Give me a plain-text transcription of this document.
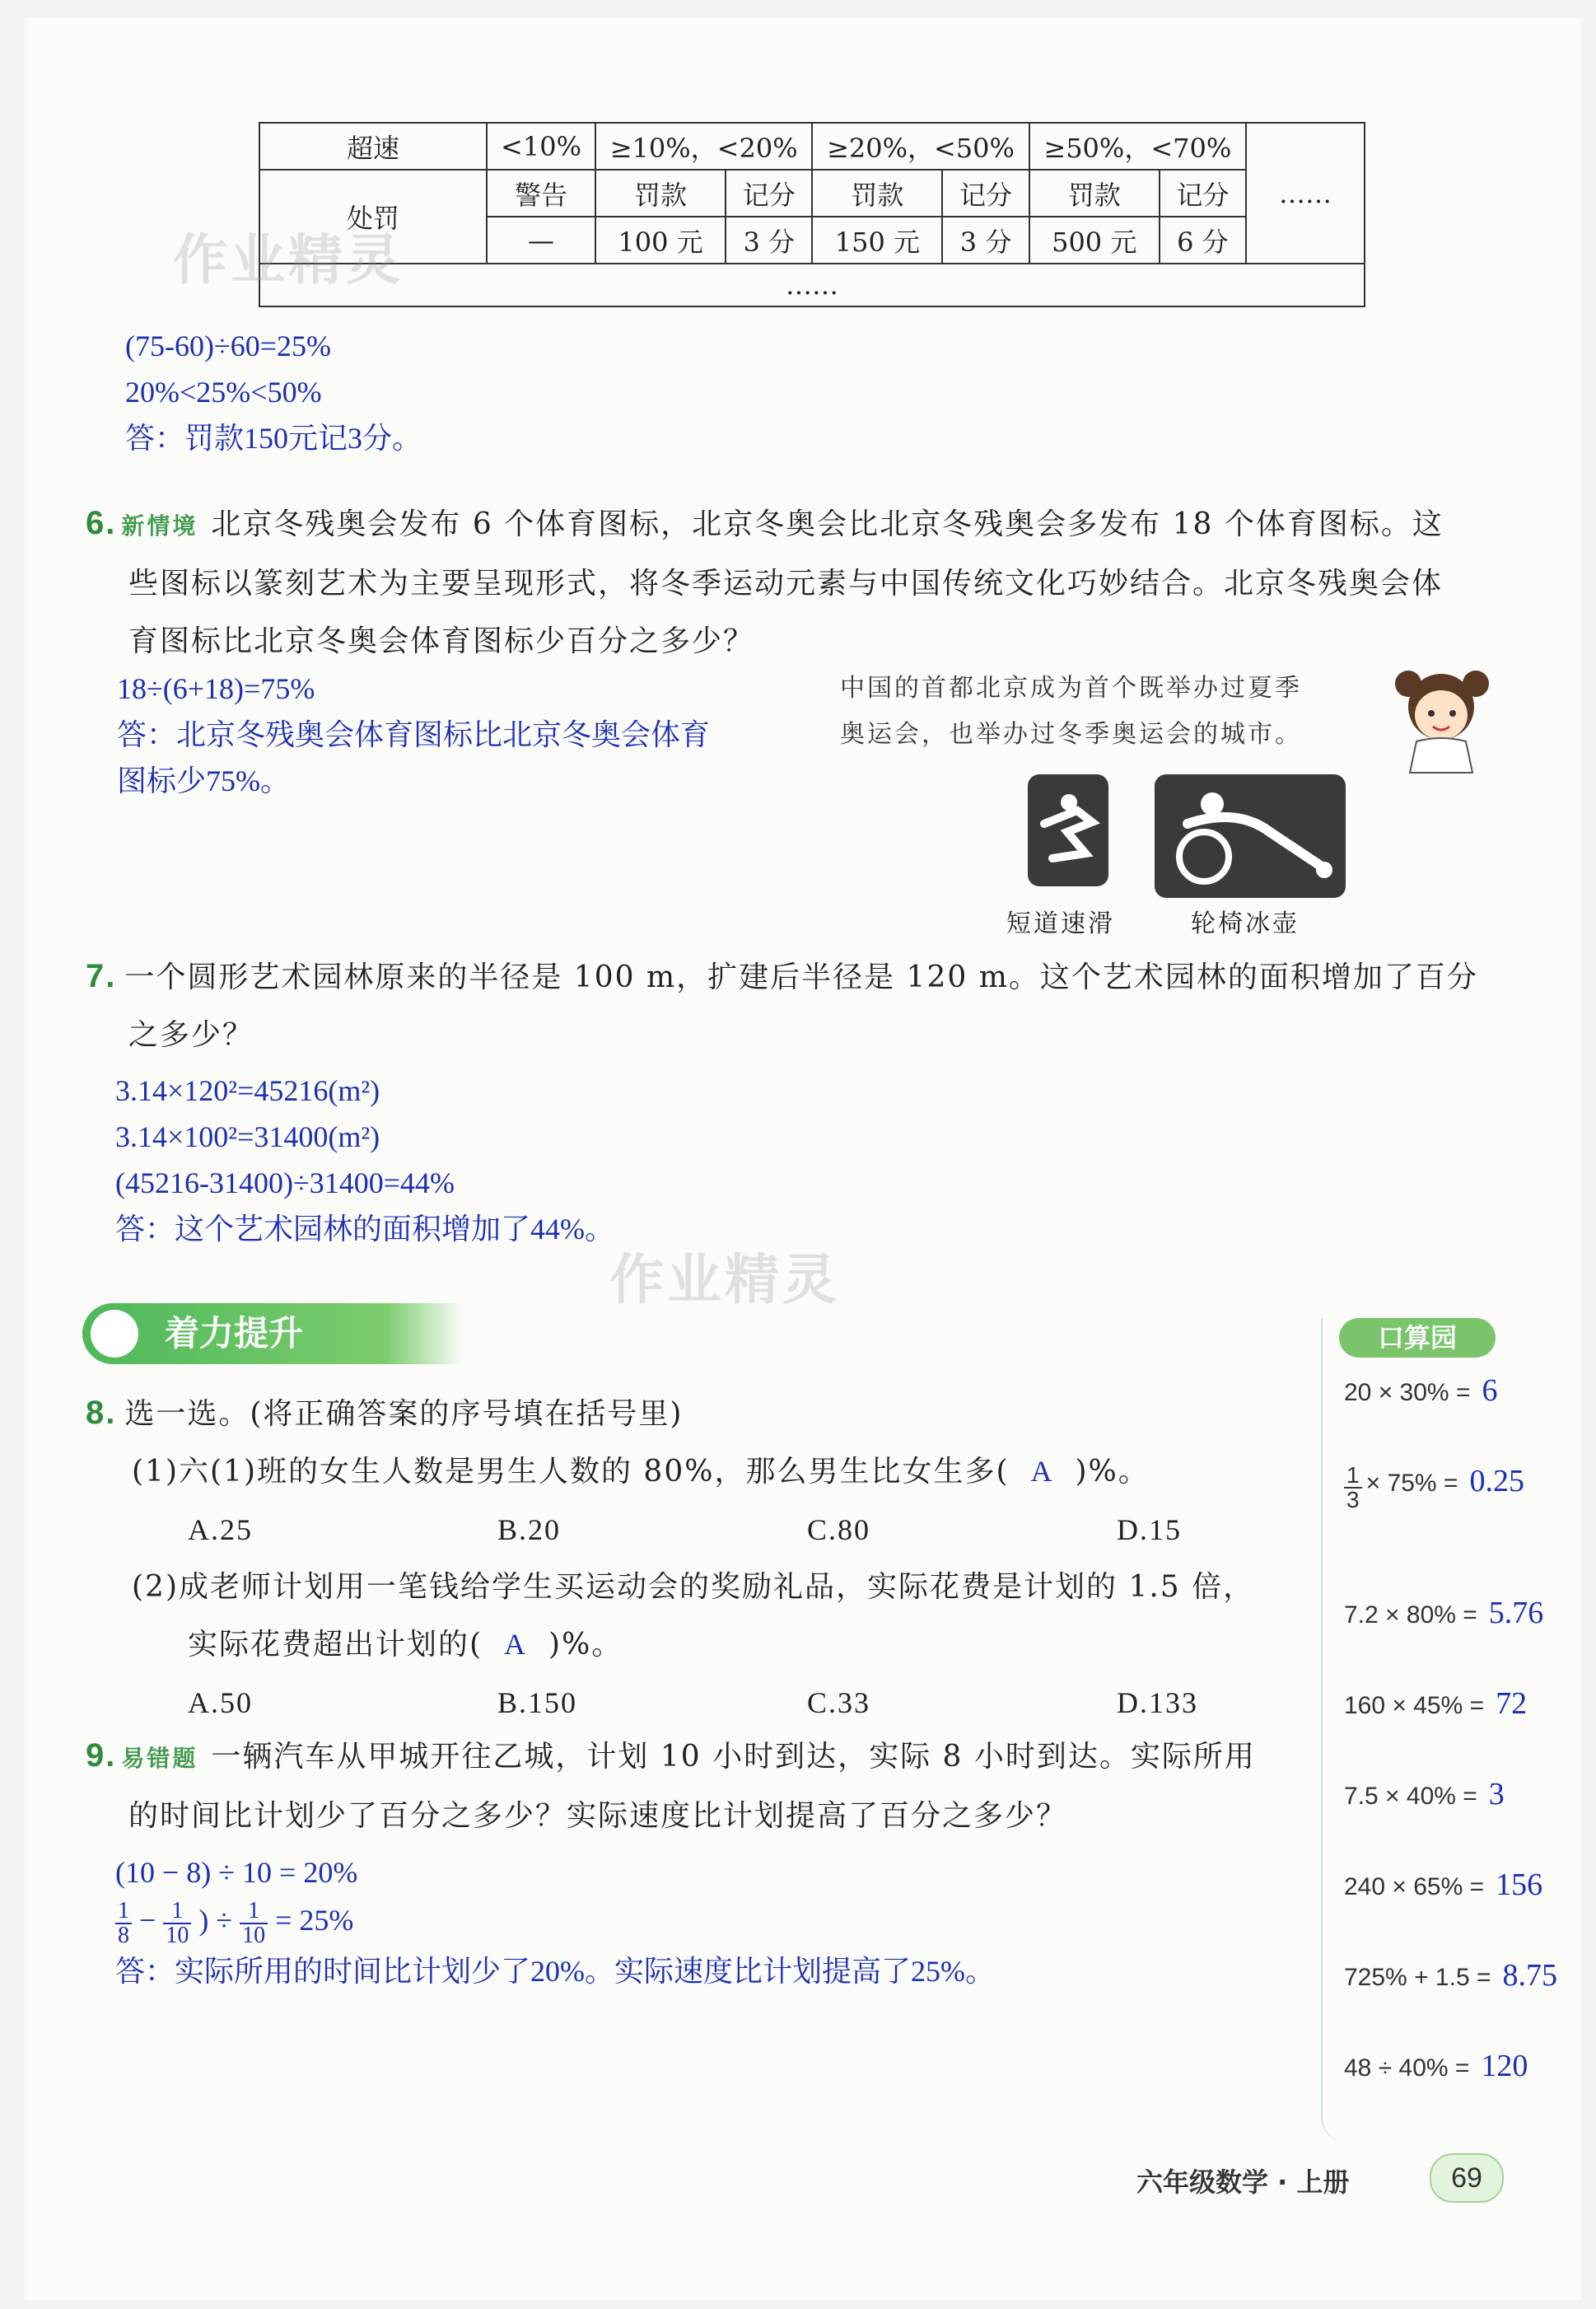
超速	<10%	≥10%，<20%		≥20%，<50%		≥50%，<70%		……
处罚	警告	罚款	记分	罚款	记分	罚款	记分	
	—	100 元	3 分	150 元	3 分	500 元	6 分	
……								
作业精灵
(75-60)÷60=25%
20%<25%<50%
答：罚款150元记3分。
6. 新情境 北京冬残奥会发布 6 个体育图标，北京冬奥会比北京冬残奥会多发布 18 个体育图标。这
些图标以篆刻艺术为主要呈现形式，将冬季运动元素与中国传统文化巧妙结合。北京冬残奥会体
育图标比北京冬奥会体育图标少百分之多少？
18÷(6+18)=75%
答：北京冬残奥会体育图标比北京冬奥会体育
图标少75%。
中国的首都北京成为首个既举办过夏季
奥运会，也举办过冬季奥运会的城市。
短道速滑	轮椅冰壶
7. 一个圆形艺术园林原来的半径是 100 m，扩建后半径是 120 m。这个艺术园林的面积增加了百分
之多少？
3.14×120²=45216(m²)
3.14×100²=31400(m²)
(45216-31400)÷31400=44%
答：这个艺术园林的面积增加了44%。
作业精灵
着力提升
8. 选一选。(将正确答案的序号填在括号里)
(1)六(1)班的女生人数是男生人数的 80%，那么男生比女生多( A )%。
A.25	B.20	C.80	D.15
(2)成老师计划用一笔钱给学生买运动会的奖励礼品，实际花费是计划的 1.5 倍，
实际花费超出计划的( A )%。
A.50	B.150	C.33	D.133
9. 易错题 一辆汽车从甲城开往乙城，计划 10 小时到达，实际 8 小时到达。实际所用
的时间比计划少了百分之多少？实际速度比计划提高了百分之多少？
(10 − 8) ÷ 10 = 20%
$\frac{1}{8} - \frac{1}{10}$ ) ÷ $\frac{1}{10} = 25\%$
答：实际所用的时间比计划少了20%。实际速度比计划提高了25%。
口算园
20 × 30% = 6
$\frac{1}{3} \times 75\% = 0.25$
7.2 × 80% = 5.76
160 × 45% = 72
7.5 × 40% = 3
240 × 65% = 156
725% + 1.5 = 8.75
48 ÷ 40% = 120
六年级数学 · 上册	69
